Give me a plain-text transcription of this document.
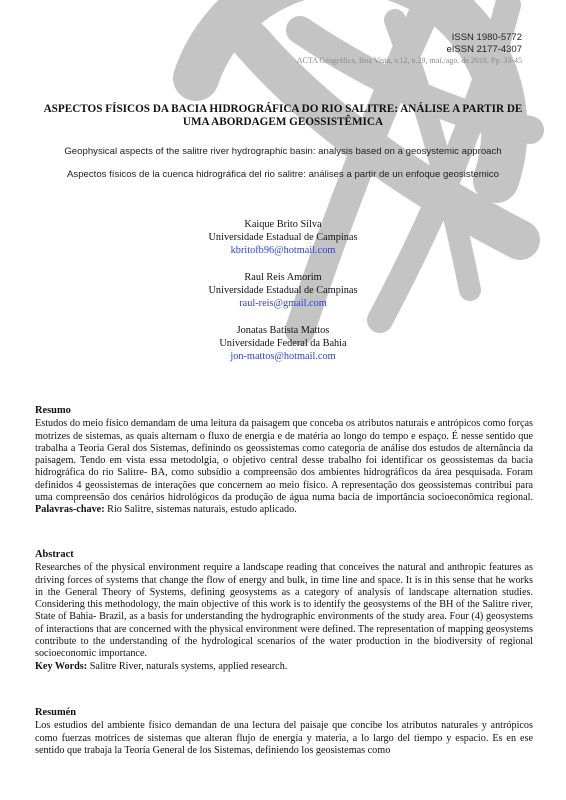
ISSN 1980-5772
eISSN 2177-4307
ACTA Geográfica, Boa Vista, v.12, n.29, mai./ago. de 2018. Pp. 33-45
ASPECTOS FÍSICOS DA BACIA HIDROGRÁFICA DO RIO SALITRE: ANÁLISE A PARTIR DE UMA ABORDAGEM GEOSSISTÊMICA
Geophysical aspects of the salitre river hydrographic basin: analysis based on a geosystemic approach
Aspectos físicos de la cuenca hidrográfica del rio salitre: análises a partir de un enfoque geosistemico
Kaique Brito Silva
Universidade Estadual de Campinas
kbritofb96@hotmail.com
Raul Reis Amorim
Universidade Estadual de Campinas
raul-reis@gmail.com
Jonatas Batista Mattos
Universidade Federal da Bahia
jon-mattos@hotmail.com
Resumo

Estudos do meio físico demandam de uma leitura da paisagem que conceba os atributos naturais e antrópicos como forças motrizes de sistemas, as quais alternam o fluxo de energia e de matéria ao longo do tempo e espaço. É nesse sentido que trabalha a Teoria Geral dos Sistemas, definindo os geossistemas como categoria de análise dos estudos de alternância da paisagem. Tendo em vista essa metodolgia, o objetivo central desse trabalho foi identificar os geossistemas da bacia hidrográfica do rio Salitre- BA, como subsídio a compreensão dos ambientes hidrográficos da área pesquisada. Foram definidos 4 geossistemas de interações que concernem ao meio físico. A representação dos geossistemas contribui para uma compreensão dos cenários hidrológicos da produção de água numa bacia de importância socioeconômica regional. Palavras-chave: Rio Salitre, sistemas naturais, estudo aplicado.

Abstract

Researches of the physical environment require a landscape reading that conceives the natural and anthropic features as driving forces of systems that change the flow of energy and bulk, in time line and space. It is in this sense that he works in the General Theory of Systems, defining geosystems as a category of analysis of landscape alternation studies. Considering this methodology, the main objective of this work is to identify the geosystems of the BH of the Salitre river, State of Bahia- Brazil, as a basis for understanding the hydrographic environments of the study area. Four (4) geosystems of interactions that are concerned with the physical environment were defined. The representation of mapping geosystems contribute to the understanding of the hydrological scenarios of the water production in the biodiversity of regional socioeconomic importance.

Key Words: Salitre River, naturals systems, applied research.
Resumén

Los estudios del ambiente físico demandan de una lectura del paisaje que concibe los atributos naturales y antrópicos como fuerzas motrices de sistemas que alteran flujo de energía y materia, a lo largo del tiempo y espacio. Es en ese sentido que trabaja la Teoría General de los Sistemas, definiendo los geosistemas como
